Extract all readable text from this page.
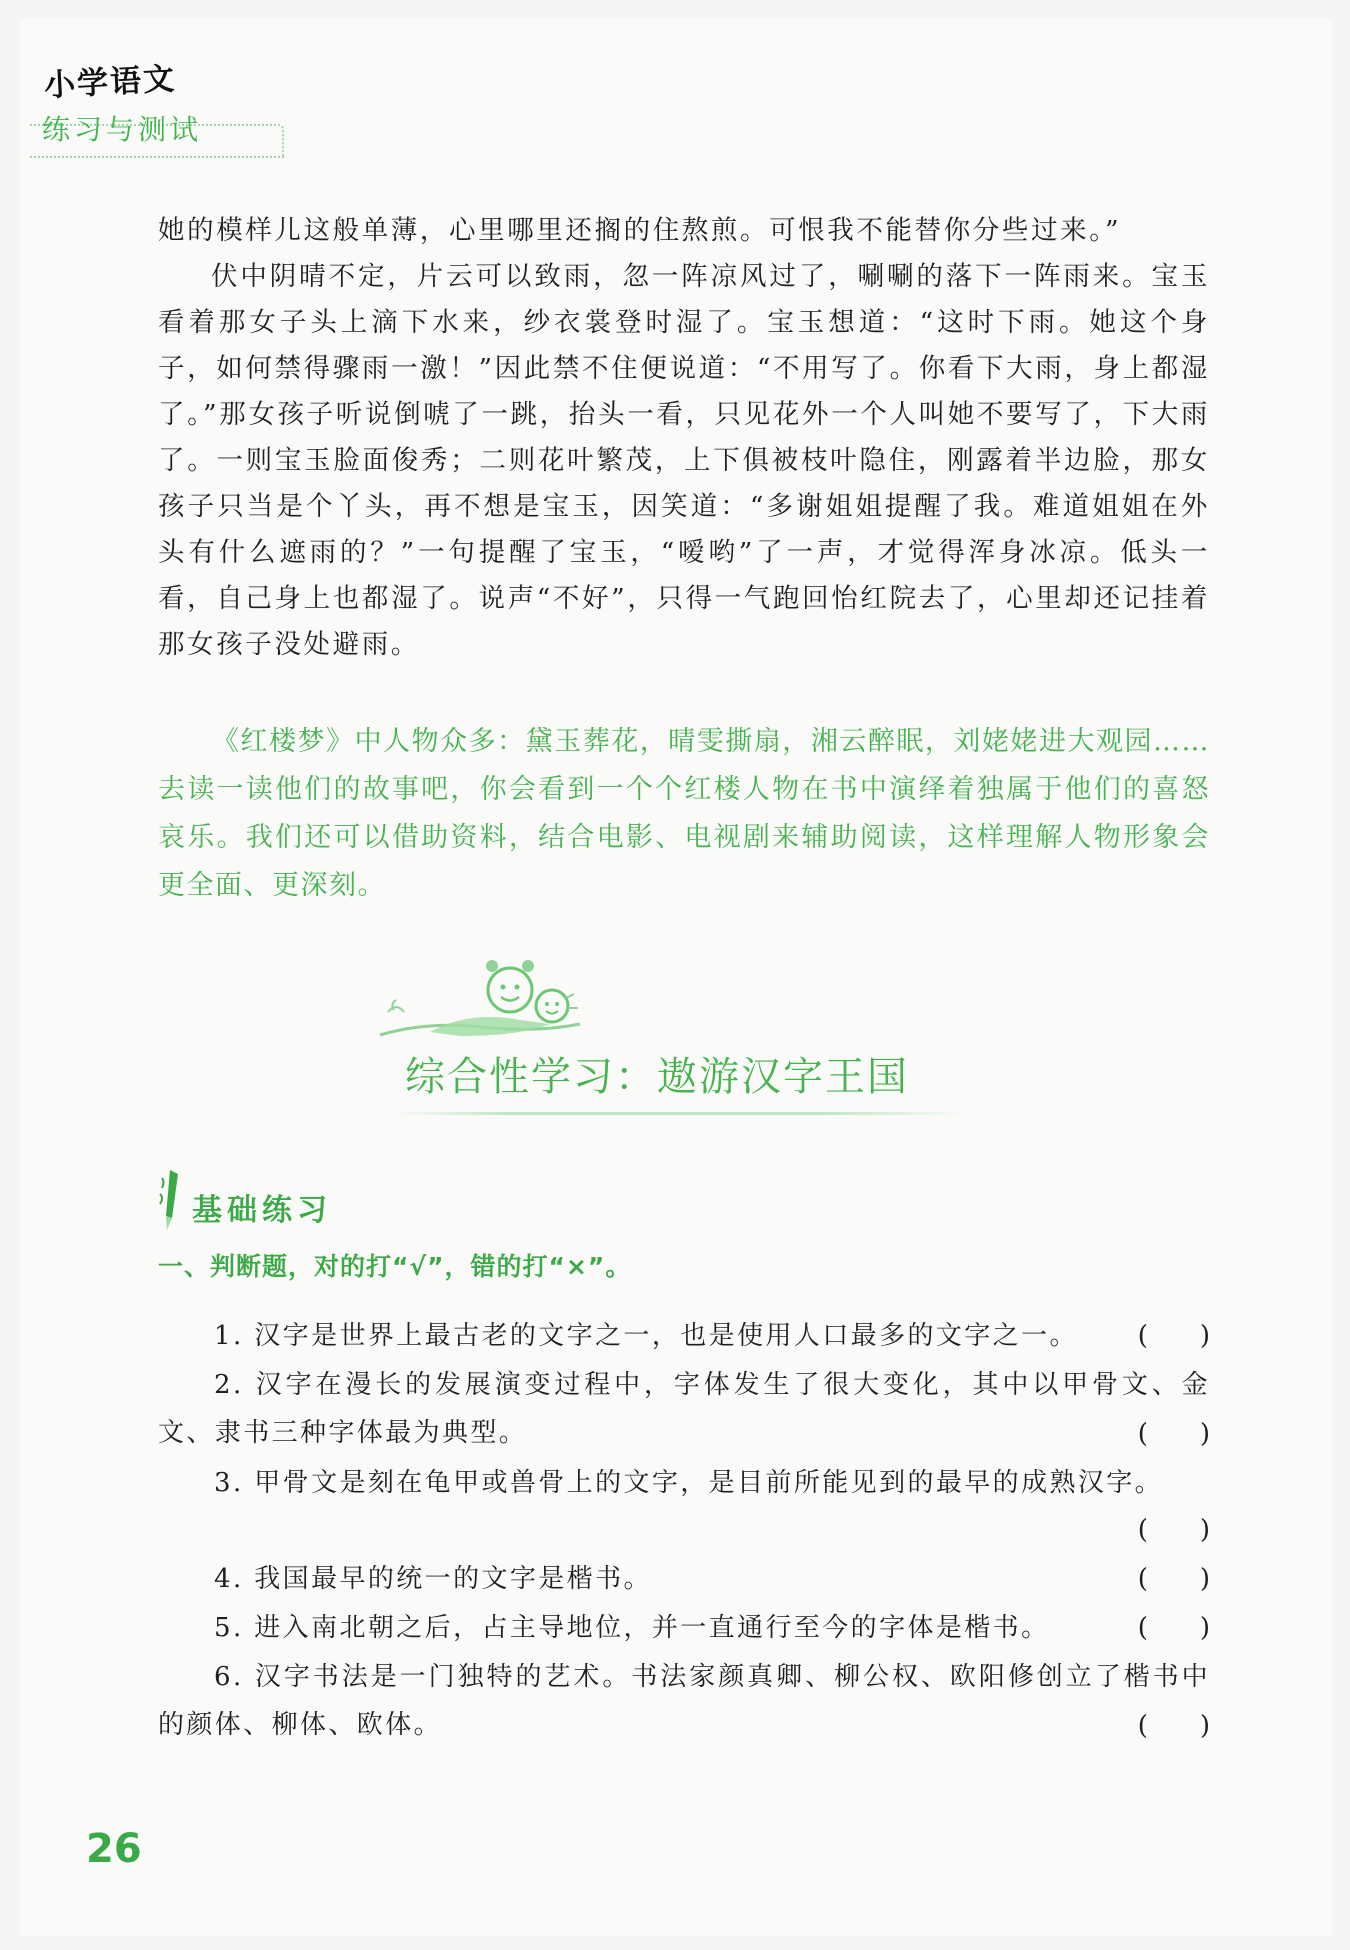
小学语文
练习与测试

她的模样儿这般单薄，心里哪里还搁的住熬煎。可恨我不能替你分些过来。”

伏中阴晴不定，片云可以致雨，忽一阵凉风过了，唰唰的落下一阵雨来。宝玉看着那女子头上滴下水来，纱衣裳登时湿了。宝玉想道：“这时下雨。她这个身子，如何禁得骤雨一激！”因此禁不住便说道：“不用写了。你看下大雨，身上都湿了。”那女孩子听说倒唬了一跳，抬头一看，只见花外一个人叫她不要写了，下大雨了。一则宝玉脸面俊秀；二则花叶繁茂，上下俱被枝叶隐住，刚露着半边脸，那女孩子只当是个丫头，再不想是宝玉，因笑道：“多谢姐姐提醒了我。难道姐姐在外头有什么遮雨的？”一句提醒了宝玉，“嗳哟”了一声，才觉得浑身冰凉。低头一看，自己身上也都湿了。说声“不好”，只得一气跑回怡红院去了，心里却还记挂着那女孩子没处避雨。

《红楼梦》中人物众多：黛玉葬花，晴雯撕扇，湘云醉眠，刘姥姥进大观园……去读一读他们的故事吧，你会看到一个个红楼人物在书中演绎着独属于他们的喜怒哀乐。我们还可以借助资料，结合电影、电视剧来辅助阅读，这样理解人物形象会更全面、更深刻。

综合性学习：遨游汉字王国
基础练习
一、判断题，对的打“√”，错的打“×”。

1. 汉字是世界上最古老的文字之一，也是使用人口最多的文字之一。	(　　)

2. 汉字在漫长的发展演变过程中，字体发生了很大变化，其中以甲骨文、金文、隶书三种字体最为典型。	(　　)

3. 甲骨文是刻在龟甲或兽骨上的文字，是目前所能见到的最早的成熟汉字。

(　　)

4. 我国最早的统一的文字是楷书。	(　　)

5. 进入南北朝之后，占主导地位，并一直通行至今的字体是楷书。	(　　)

6. 汉字书法是一门独特的艺术。书法家颜真卿、柳公权、欧阳修创立了楷书中的颜体、柳体、欧体。	(　　)
26
